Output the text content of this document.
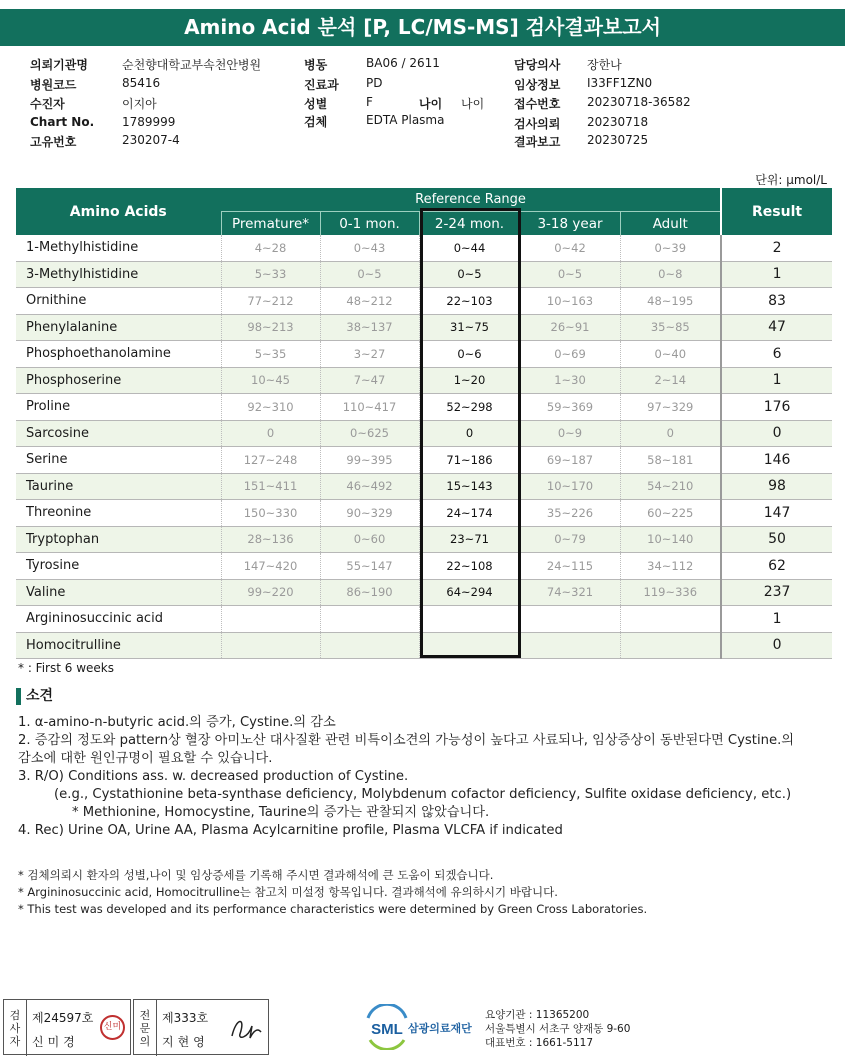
Amino Acid 분석 [P, LC/MS-MS] 검사결과보고서
의뢰기관명	순천향대학교부속천안병원
병원코드	85416
수진자	이지아
Chart No. 1789999
고유번호	230207-4
병동	BA06 / 2611
진료과 PD
성별	F
검체	EDTA Plasma
나이 나이
담당의사 장한나
임상정보 I33FF1ZN0
접수번호 20230718-36582
검사의뢰 20230718
결과보고 20230725
단위: µmol/L
Amino Acids	Reference Range					Result
	Premature*	0-1 mon.	2-24 mon.	3-18 year	Adult	
1-Methylhistidine	4~28	0~43	0~44	0~42	0~39	2
3-Methylhistidine	5~33	0~5	0~5	0~5	0~8	1
Ornithine	77~212	48~212	22~103	10~163	48~195	83
Phenylalanine	98~213	38~137	31~75	26~91	35~85	47
Phosphoethanolamine	5~35	3~27	0~6	0~69	0~40	6
Phosphoserine	10~45	7~47	1~20	1~30	2~14	1
Proline	92~310	110~417	52~298	59~369	97~329	176
Sarcosine	0	0~625	0	0~9	0	0
Serine	127~248	99~395	71~186	69~187	58~181	146
Taurine	151~411	46~492	15~143	10~170	54~210	98
Threonine	150~330	90~329	24~174	35~226	60~225	147
Tryptophan	28~136	0~60	23~71	0~79	10~140	50
Tyrosine	147~420	55~147	22~108	24~115	34~112	62
Valine	99~220	86~190	64~294	74~321	119~336	237
Argininosuccinic acid						1
Homocitrulline						0
* : First 6 weeks
소견
1. α-amino-n-butyric acid.의 증가, Cystine.의 감소
2. 증감의 정도와 pattern상 혈장 아미노산 대사질환 관련 비특이소견의 가능성이 높다고 사료되나, 임상증상이 동반된다면 Cystine.의
감소에 대한 원인규명이 필요할 수 있습니다.
3. R/O) Conditions ass. w. decreased production of Cystine.
(e.g., Cystathionine beta-synthase deficiency, Molybdenum cofactor deficiency, Sulfite oxidase deficiency, etc.)
* Methionine, Homocystine, Taurine의 증가는 관찰되지 않았습니다.
4. Rec) Urine OA, Urine AA, Plasma Acylcarnitine profile, Plasma VLCFA if indicated
* 검체의뢰시 환자의 성별,나이 및 임상증세를 기록해 주시면 결과해석에 큰 도움이 되겠습니다.
* Argininosuccinic acid, Homocitrulline는 참고치 미설정 항목입니다. 결과해석에 유의하시기 바랍니다.
* This test was developed and its performance characteristics were determined by Green Cross Laboratories.
검
사
자
제24597호
신미경
신미
전
문
의
제333호
지현영
SML 삼광의료재단
요양기관 : 11365200
서울특별시 서초구 양재동 9-60
대표번호 : 1661-5117
